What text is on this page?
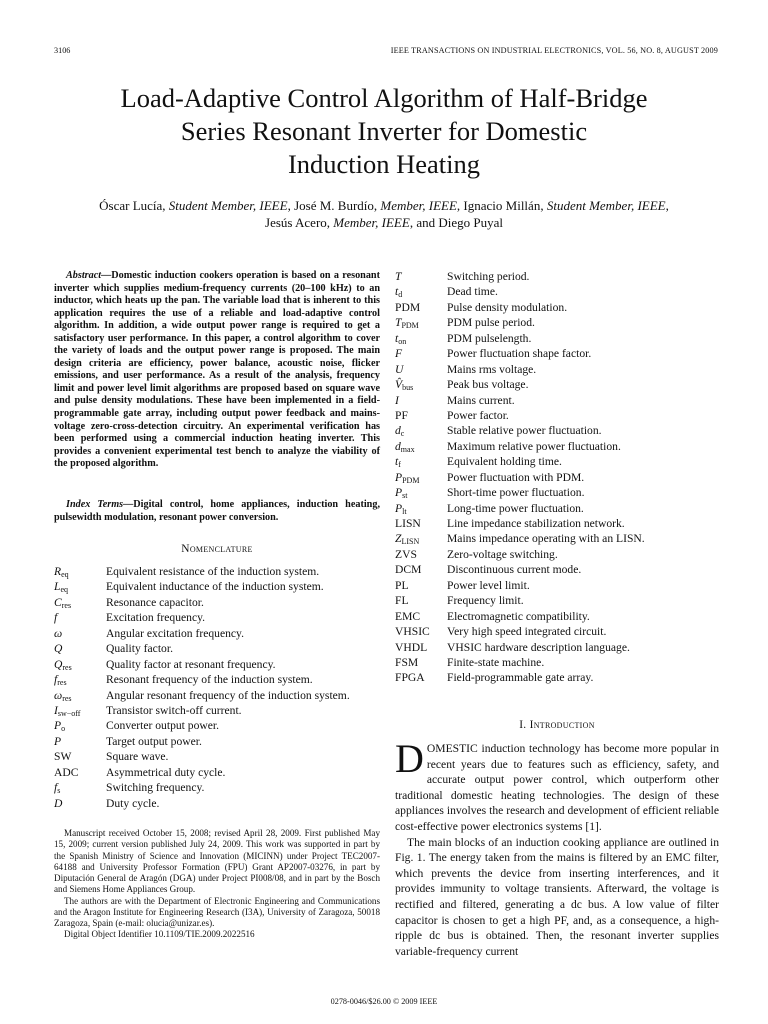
3106	IEEE TRANSACTIONS ON INDUSTRIAL ELECTRONICS, VOL. 56, NO. 8, AUGUST 2009
Load-Adaptive Control Algorithm of Half-Bridge
Series Resonant Inverter for Domestic
Induction Heating
Óscar Lucía, Student Member, IEEE, José M. Burdío, Member, IEEE, Ignacio Millán, Student Member, IEEE,
Jesús Acero, Member, IEEE, and Diego Puyal
Abstract—Domestic induction cookers operation is based on a resonant inverter which supplies medium-frequency currents (20–100 kHz) to an inductor, which heats up the pan. The variable load that is inherent to this application requires the use of a reliable and load-adaptive control algorithm. In addition, a wide output power range is required to get a satisfactory user performance. In this paper, a control algorithm to cover the variety of loads and the output power range is proposed. The main design criteria are efficiency, power balance, acoustic noise, flicker emissions, and user performance. As a result of the analysis, frequency limit and power level limit algorithms are proposed based on square wave and pulse density modulations. These have been implemented in a field-programmable gate array, including output power feedback and mains-voltage zero-cross-detection circuitry. An experimental verification has been performed using a commercial induction heating inverter. This provides a convenient experimental test bench to analyze the viability of the proposed algorithm.
Index Terms—Digital control, home appliances, induction heating, pulsewidth modulation, resonant power conversion.
Nomenclature
$R_{eq}$	Equivalent resistance of the induction system.
$L_{eq}$	Equivalent inductance of the induction system.
$C_{res}$	Resonance capacitor.
f	Excitation frequency.
ω	Angular excitation frequency.
Q	Quality factor.
$Q_{res}$	Quality factor at resonant frequency.
$f_{res}$	Resonant frequency of the induction system.
$\omega_{res}$	Angular resonant frequency of the induction system.
$I_{sw-off}$ Transistor switch-off current.
$P_o$	Converter output power.
P	Target output power.
SW	Square wave.
ADC Asymmetrical duty cycle.
$f_s$	Switching frequency.
D	Duty cycle.
T	Switching period.
$t_d$	Dead time.
PDM Pulse density modulation.
$T_{PDM}$ PDM pulse period.
$t_{on}$	PDM pulselength.
F	Power fluctuation shape factor.
U	Mains rms voltage.
$V̂_{bus}$	Peak bus voltage.
I	Mains current.
PF	Power factor.
$d_c$	Stable relative power fluctuation.
$d_{max}$	Maximum relative power fluctuation.
$t_f$	Equivalent holding time.
$P_{PDM}$ Power fluctuation with PDM.
$P_{st}$	Short-time power fluctuation.
$P_{lt}$	Long-time power fluctuation.
LISN Line impedance stabilization network.
$Z_{LISN}$ Mains impedance operating with an LISN.
ZVS	Zero-voltage switching.
DCM Discontinuous current mode.
PL	Power level limit.
FL	Frequency limit.
EMC Electromagnetic compatibility.
VHSIC Very high speed integrated circuit.
VHDL VHSIC hardware description language.
FSM Finite-state machine.
FPGA Field-programmable gate array.

Manuscript received October 15, 2008; revised April 28, 2009. First published May 15, 2009; current version published July 24, 2009. This work was supported in part by the Spanish Ministry of Science and Innovation (MICINN) under Project TEC2007-64188 and University Professor Formation (FPU) Grant AP2007-03276, in part by Diputación General de Aragón (DGA) under Project PI008/08, and in part by the Bosch and Siemens Home Appliances Group.

The authors are with the Department of Electronic Engineering and Communications and the Aragon Institute for Engineering Research (I3A), University of Zaragoza, 50018 Zaragoza, Spain (e-mail: olucia@unizar.es).

Digital Object Identifier 10.1109/TIE.2009.2022516

I. Introduction

DOMESTIC induction technology has become more popular in recent years due to features such as efficiency, safety, and accurate output power control, which outperform other traditional domestic heating technologies. The design of these appliances involves the research and development of efficient reliable cost-effective power electronics systems [1].

The main blocks of an induction cooking appliance are outlined in Fig. 1. The energy taken from the mains is filtered by an EMC filter, which prevents the device from inserting interferences, and it provides immunity to voltage transients. Afterward, the voltage is rectified and filtered, generating a dc bus. A low value of filter capacitor is chosen to get a high PF, and, as a consequence, a high-ripple dc bus is obtained. Then, the resonant inverter supplies variable-frequency current

0278-0046/$26.00 © 2009 IEEE
